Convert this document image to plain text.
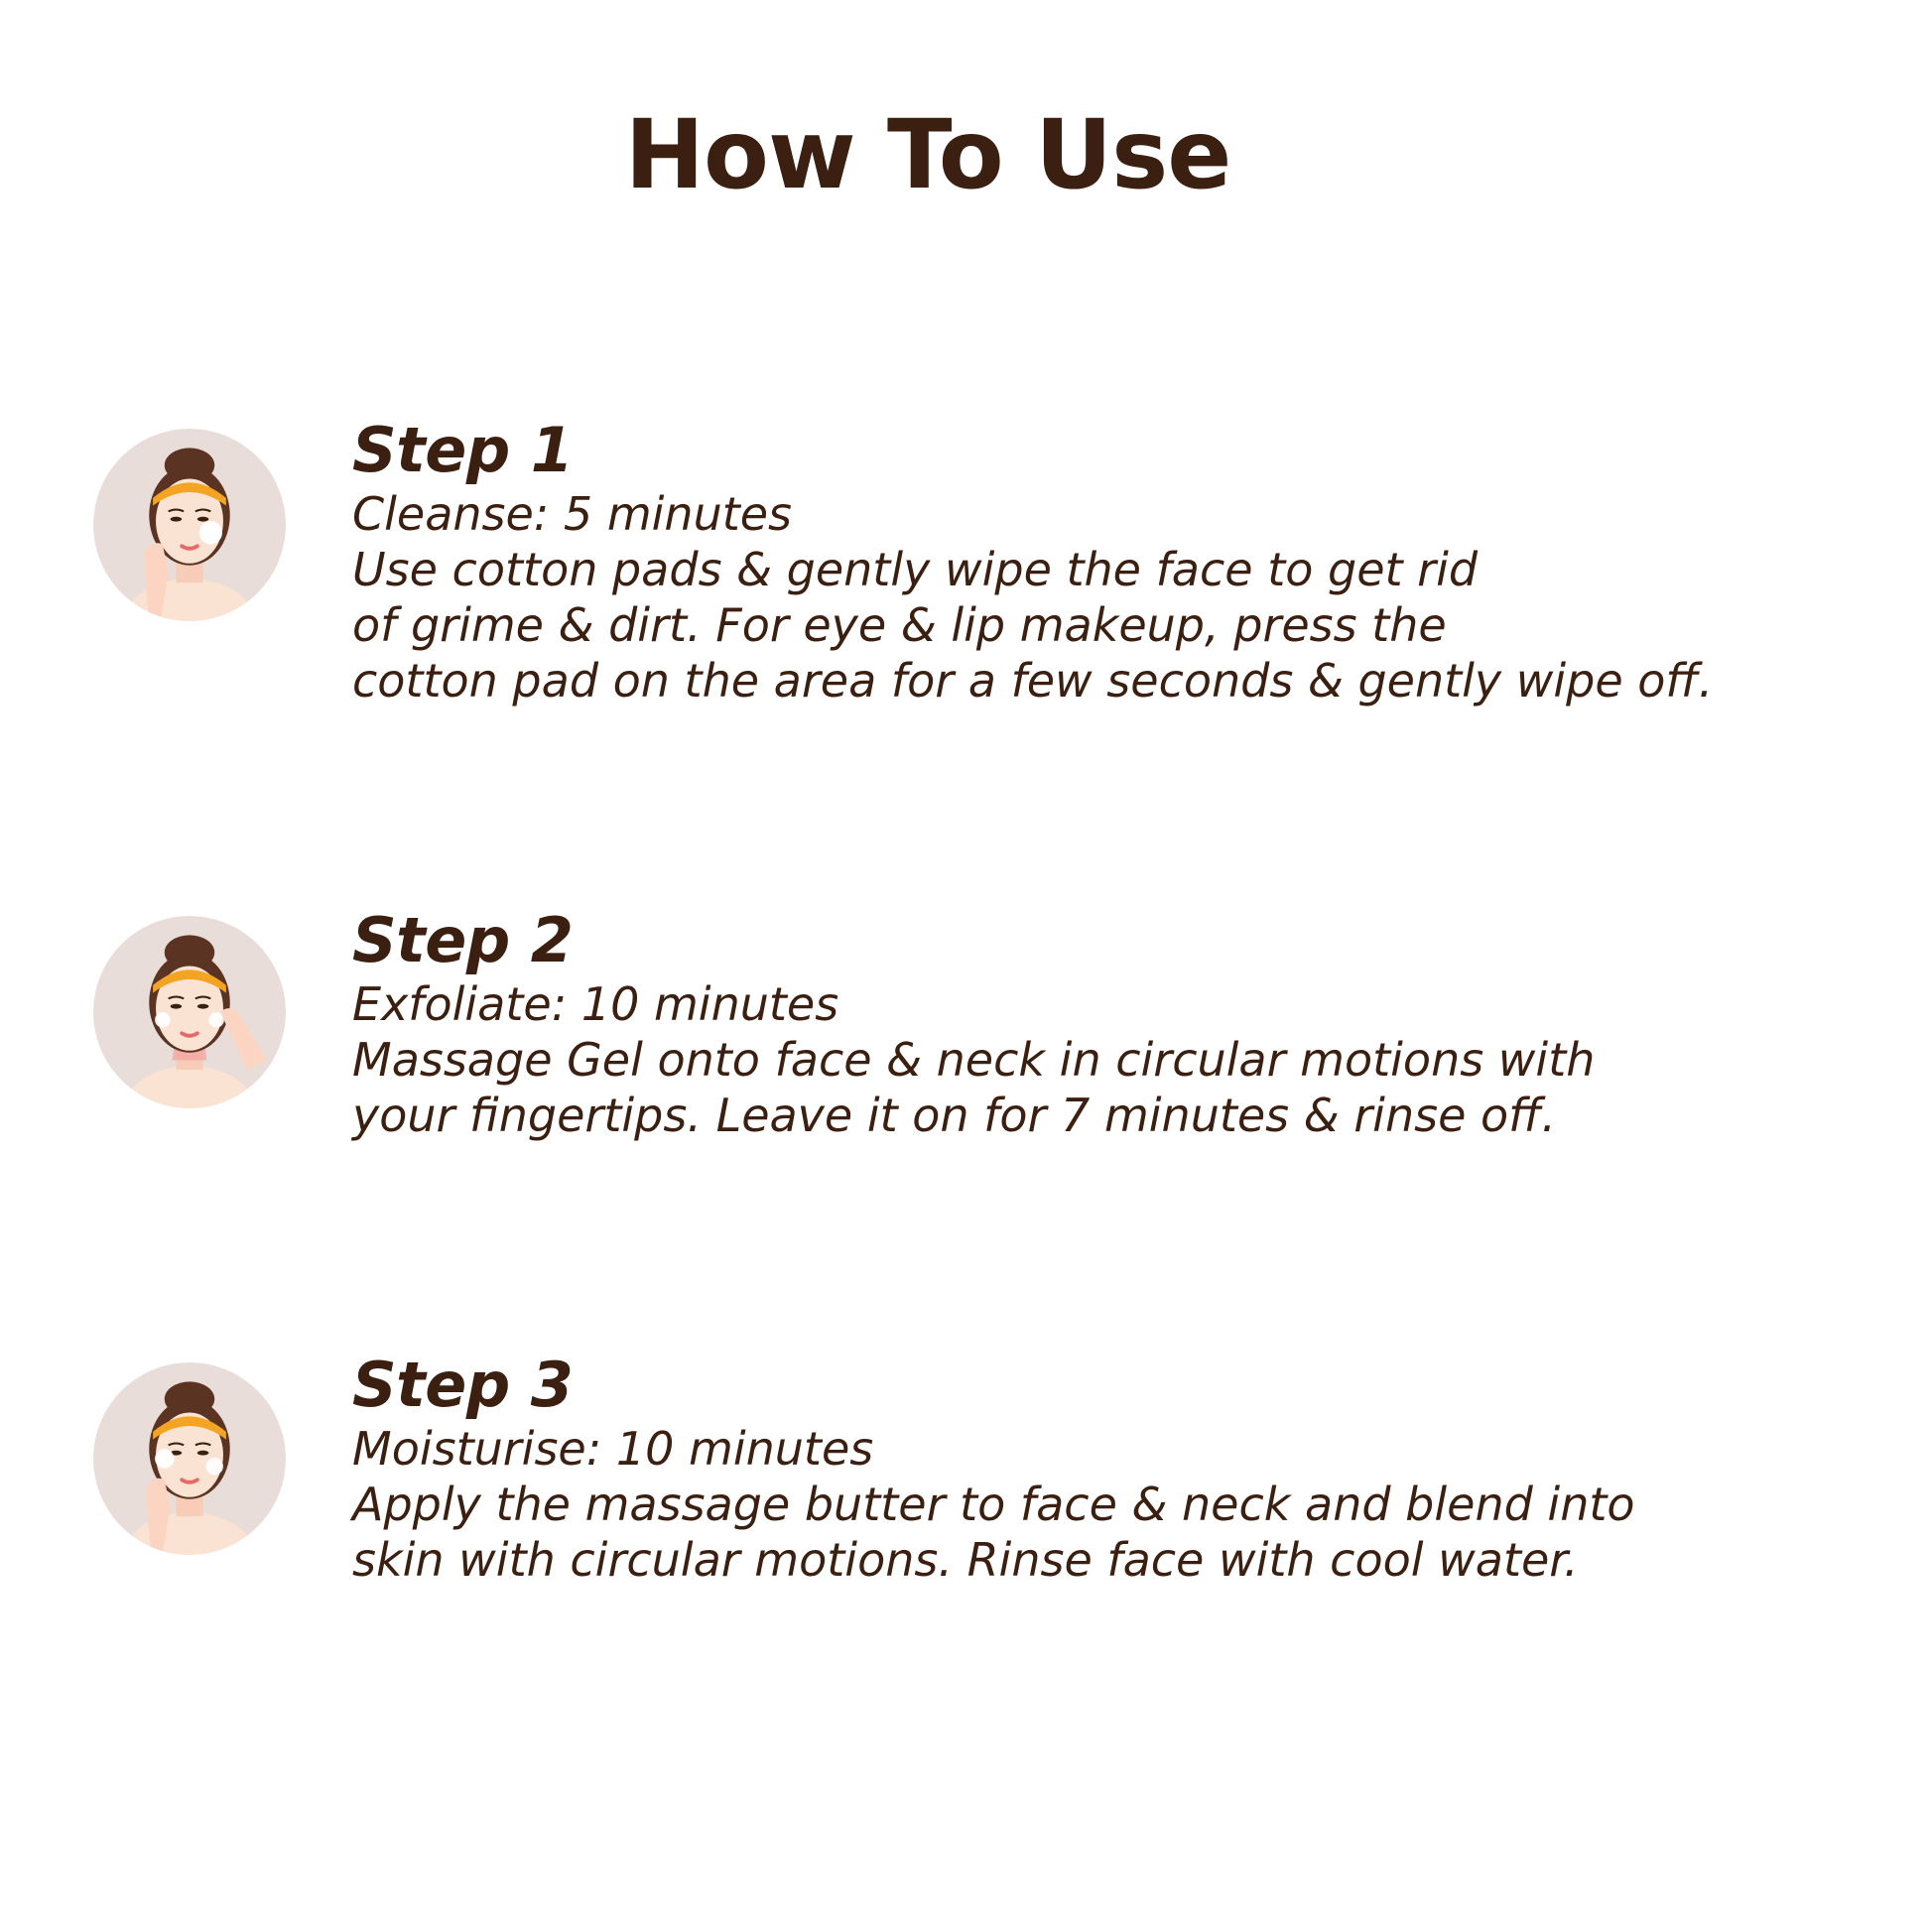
How To Use

Step 1

Cleanse: 5 minutes

Use cotton pads & gently wipe the face to get rid

of grime & dirt. For eye & lip makeup, press the

cotton pad on the area for a few seconds & gently wipe off.

Step 2

Exfoliate: 10 minutes

Massage Gel onto face & neck in circular motions with

your fingertips. Leave it on for 7 minutes & rinse off.

Step 3

Moisturise: 10 minutes

Apply the massage butter to face & neck and blend into

skin with circular motions. Rinse face with cool water.
